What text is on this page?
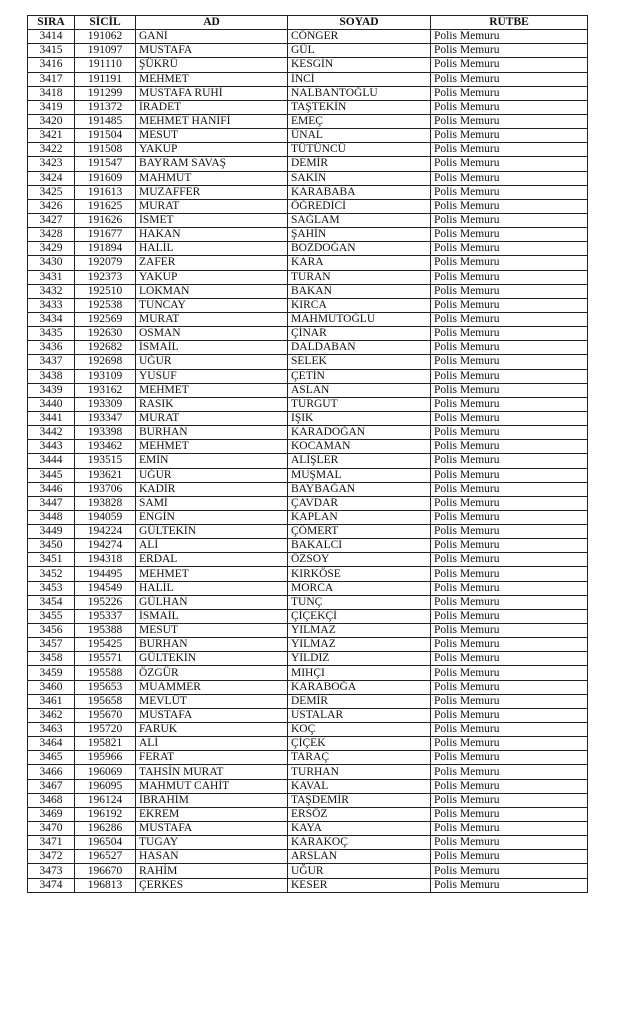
SIRA	SİCİL	AD	SOYAD	RÜTBE
3414	191062	GANİ	CÖNGER	Polis Memuru
3415	191097	MUSTAFA	GÜL	Polis Memuru
3416	191110	ŞÜKRÜ	KESGİN	Polis Memuru
3417	191191	MEHMET	İNCİ	Polis Memuru
3418	191299	MUSTAFA RUHİ	NALBANTOĞLU	Polis Memuru
3419	191372	İRADET	TAŞTEKİN	Polis Memuru
3420	191485	MEHMET HANİFİ	EMEÇ	Polis Memuru
3421	191504	MESUT	ÜNAL	Polis Memuru
3422	191508	YAKUP	TÜTÜNCÜ	Polis Memuru
3423	191547	BAYRAM SAVAŞ	DEMİR	Polis Memuru
3424	191609	MAHMUT	SAKİN	Polis Memuru
3425	191613	MUZAFFER	KARABABA	Polis Memuru
3426	191625	MURAT	ÖĞREDİCİ	Polis Memuru
3427	191626	İSMET	SAĞLAM	Polis Memuru
3428	191677	HAKAN	ŞAHİN	Polis Memuru
3429	191894	HALİL	BOZDOĞAN	Polis Memuru
3430	192079	ZAFER	KARA	Polis Memuru
3431	192373	YAKUP	TURAN	Polis Memuru
3432	192510	LOKMAN	BAKAN	Polis Memuru
3433	192538	TUNCAY	KIRCA	Polis Memuru
3434	192569	MURAT	MAHMUTOĞLU	Polis Memuru
3435	192630	OSMAN	ÇİNAR	Polis Memuru
3436	192682	İSMAİL	DALDABAN	Polis Memuru
3437	192698	UĞUR	SELEK	Polis Memuru
3438	193109	YUSUF	ÇETİN	Polis Memuru
3439	193162	MEHMET	ASLAN	Polis Memuru
3440	193309	RASIK	TURGUT	Polis Memuru
3441	193347	MURAT	IŞIK	Polis Memuru
3442	193398	BURHAN	KARADOĞAN	Polis Memuru
3443	193462	MEHMET	KOCAMAN	Polis Memuru
3444	193515	EMİN	ALİŞLER	Polis Memuru
3445	193621	UĞUR	MUŞMAL	Polis Memuru
3446	193706	KADİR	BAYBAĞAN	Polis Memuru
3447	193828	SAMİ	ÇAVDAR	Polis Memuru
3448	194059	ENGİN	KAPLAN	Polis Memuru
3449	194224	GÜLTEKİN	ÇÖMERT	Polis Memuru
3450	194274	ALİ	BAKALCI	Polis Memuru
3451	194318	ERDAL	ÖZSOY	Polis Memuru
3452	194495	MEHMET	KIRKÖSE	Polis Memuru
3453	194549	HALİL	MORCA	Polis Memuru
3454	195226	GÜLHAN	TUNÇ	Polis Memuru
3455	195337	İSMAİL	ÇİÇEKÇİ	Polis Memuru
3456	195388	MESUT	YILMAZ	Polis Memuru
3457	195425	BURHAN	YILMAZ	Polis Memuru
3458	195571	GÜLTEKİN	YILDIZ	Polis Memuru
3459	195588	ÖZGÜR	MIHÇI	Polis Memuru
3460	195653	MUAMMER	KARABOĞA	Polis Memuru
3461	195658	MEVLÜT	DEMİR	Polis Memuru
3462	195670	MUSTAFA	USTALAR	Polis Memuru
3463	195720	FARUK	KOÇ	Polis Memuru
3464	195821	ALİ	ÇİÇEK	Polis Memuru
3465	195966	FERAT	TARAÇ	Polis Memuru
3466	196069	TAHSİN MURAT	TURHAN	Polis Memuru
3467	196095	MAHMUT CAHİT	KAVAL	Polis Memuru
3468	196124	İBRAHİM	TAŞDEMİR	Polis Memuru
3469	196192	EKREM	ERSÖZ	Polis Memuru
3470	196286	MUSTAFA	KAYA	Polis Memuru
3471	196504	TUGAY	KARAKOÇ	Polis Memuru
3472	196527	HASAN	ARSLAN	Polis Memuru
3473	196670	RAHİM	UĞUR	Polis Memuru
3474	196813	ÇERKES	KESER	Polis Memuru
